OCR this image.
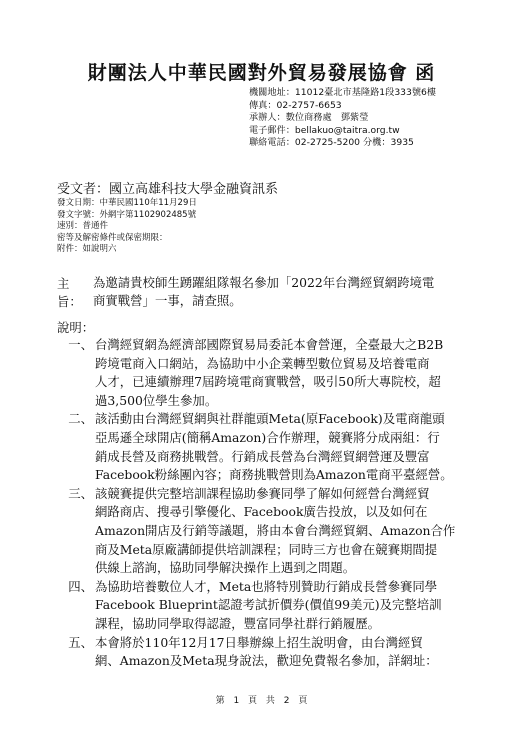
財團法人中華民國對外貿易發展協會 函
機關地址：11012臺北市基隆路1段333號6樓
傳真：02-2757-6653
承辦人：數位商務處　鄧紫瑩
電子郵件：bellakuo@taitra.org.tw
聯絡電話：02-2725-5200 分機：3935
受文者：國立高雄科技大學金融資訊系
發文日期：中華民國110年11月29日
發文字號：外網字第1102902485號
速別：普通件
密等及解密條件或保密期限：
附件：如說明六
主旨：
為邀請貴校師生踴躍組隊報名參加「2022年台灣經貿網跨境電
商實戰營」一事，請查照。
說明：
一、 台灣經貿網為經濟部國際貿易局委託本會營運，全臺最大之B2B
跨境電商入口網站，為協助中小企業轉型數位貿易及培養電商
人才，已連續辦理7屆跨境電商實戰營，吸引50所大專院校，超
過3,500位學生參加。
二、 該活動由台灣經貿網與社群龍頭Meta(原Facebook)及電商龍頭
亞馬遜全球開店(簡稱Amazon)合作辦理，競賽將分成兩組：行
銷成長營及商務挑戰營。行銷成長營為台灣經貿網營運及豐富
Facebook粉絲團內容；商務挑戰營則為Amazon電商平臺經營。
三、 該競賽提供完整培訓課程協助參賽同學了解如何經營台灣經貿
網路商店、搜尋引擎優化、Facebook廣告投放，以及如何在
Amazon開店及行銷等議題，將由本會台灣經貿網、Amazon合作
商及Meta原廠講師提供培訓課程；同時三方也會在競賽期間提
供線上諮詢，協助同學解決操作上遇到之問題。
四、 為協助培養數位人才，Meta也將特別贊助行銷成長營參賽同學
Facebook Blueprint認證考試折價券(價值99美元)及完整培訓
課程，協助同學取得認證，豐富同學社群行銷履歷。
五、 本會將於110年12月17日舉辦線上招生說明會，由台灣經貿
網、Amazon及Meta現身說法，歡迎免費報名參加，詳網址：
第 1 頁 共 2 頁
